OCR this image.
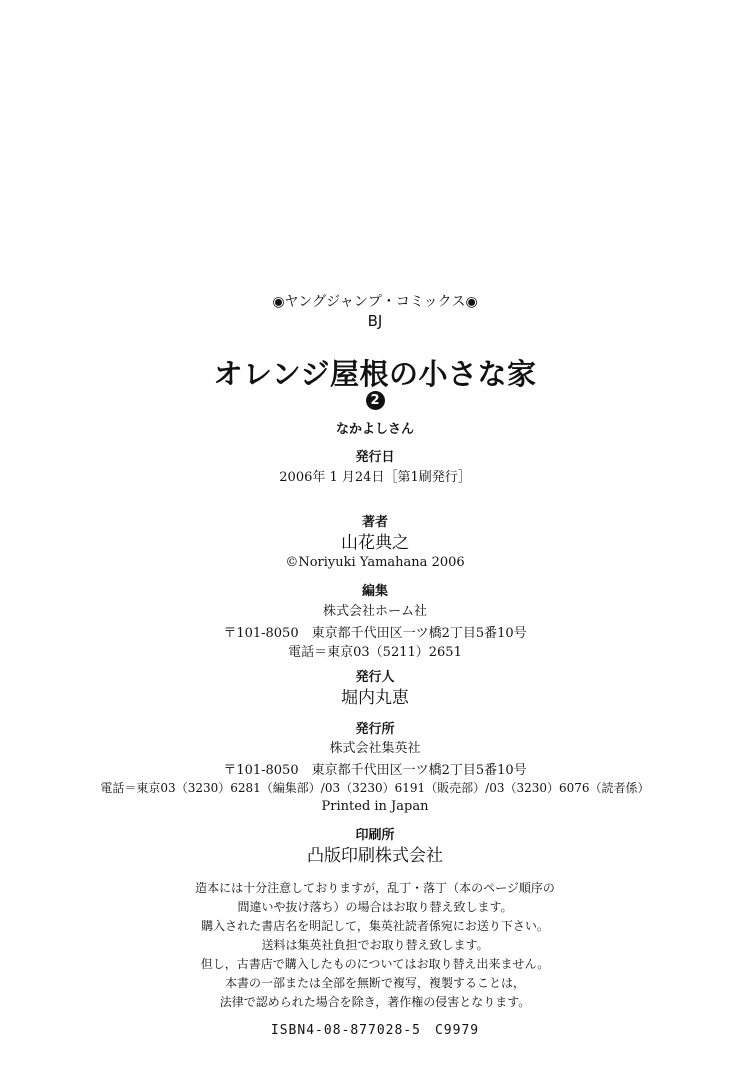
◉ヤングジャンプ・コミックス◉
BJ
オレンジ屋根の小さな家
2
なかよしさん
発行日
2006年 1 月24日［第1刷発行］
著者
山花典之
©Noriyuki Yamahana 2006
編集
株式会社ホーム社
〒101-8050　東京都千代田区一ツ橋2丁目5番10号
電話＝東京03（5211）2651
発行人
堀内丸恵
発行所
株式会社集英社
〒101-8050　東京都千代田区一ツ橋2丁目5番10号
電話＝東京03（3230）6281（編集部）/03（3230）6191（販売部）/03（3230）6076（読者係）
Printed in Japan
印刷所
凸版印刷株式会社
造本には十分注意しておりますが，乱丁・落丁（本のページ順序の
間違いや抜け落ち）の場合はお取り替え致します。
購入された書店名を明記して，集英社読者係宛にお送り下さい。
送料は集英社負担でお取り替え致します。
但し，古書店で購入したものについてはお取り替え出来ません。
本書の一部または全部を無断で複写，複製することは，
法律で認められた場合を除き，著作権の侵害となります。
ISBN4-08-877028-5　C9979
